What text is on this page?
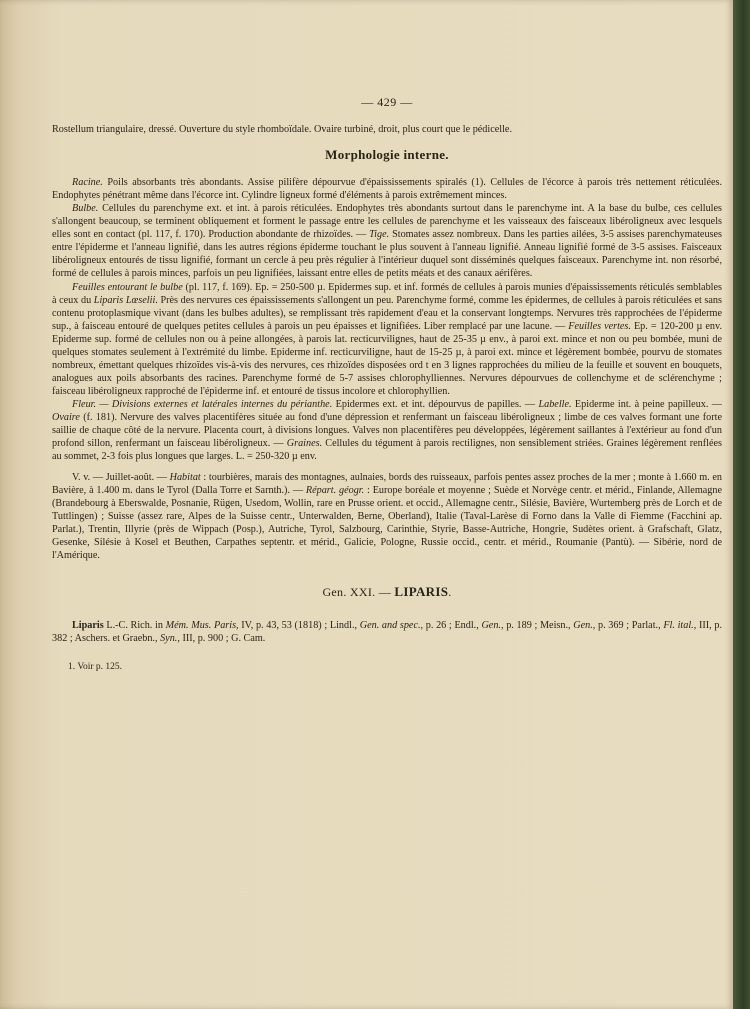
— 429 —

Rostellum triangulaire, dressé. Ouverture du style rhomboïdale. Ovaire turbiné, droit, plus court que le pédicelle.

Morphologie interne.

Racine. Poils absorbants très abondants. Assise pilifère dépourvue d'épaississements spiralés (1). Cellules de l'écorce à parois très nettement réticulées. Endophytes pénétrant même dans l'écorce int. Cylindre ligneux formé d'éléments à parois extrêmement minces.

Bulbe. Cellules du parenchyme ext. et int. à parois réticulées. Endophytes très abondants surtout dans le parenchyme int. A la base du bulbe, ces cellules s'allongent beaucoup, se terminent obliquement et forment le passage entre les cellules de parenchyme et les vaisseaux des faisceaux libéroligneux avec lesquels elles sont en contact (pl. 117, f. 170). Production abondante de rhizoïdes. — Tige. Stomates assez nombreux. Dans les parties ailées, 3-5 assises parenchymateuses entre l'épiderme et l'anneau lignifié, dans les autres régions épiderme touchant le plus souvent à l'anneau lignifié. Anneau lignifié formé de 3-5 assises. Faisceaux libéroligneux entourés de tissu lignifié, formant un cercle à peu près régulier à l'intérieur duquel sont disséminés quelques faisceaux. Parenchyme int. non résorbé, formé de cellules à parois minces, parfois un peu lignifiées, laissant entre elles de petits méats et des canaux aérifères.

Feuilles entourant le bulbe (pl. 117, f. 169). Ep. = 250-500 µ. Epidermes sup. et inf. formés de cellules à parois munies d'épaississements réticulés semblables à ceux du Liparis Lœselii. Près des nervures ces épaississements s'allongent un peu. Parenchyme formé, comme les épidermes, de cellules à parois réticulées et sans contenu protoplasmique vivant (dans les bulbes adultes), se remplissant très rapidement d'eau et la conservant longtemps. Nervures très rapprochées de l'épiderme sup., à faisceau entouré de quelques petites cellules à parois un peu épaisses et lignifiées. Liber remplacé par une lacune. — Feuilles vertes. Ep. = 120-200 µ env. Epiderme sup. formé de cellules non ou à peine allongées, à parois lat. recticurvilignes, haut de 25-35 µ env., à paroi ext. mince et non ou peu bombée, muni de quelques stomates seulement à l'extrémité du limbe. Epiderme inf. recticurviligne, haut de 15-25 µ, à paroi ext. mince et légèrement bombée, pourvu de stomates nombreux, émettant quelques rhizoïdes vis-à-vis des nervures, ces rhizoïdes disposées ord t en 3 lignes rapprochées du milieu de la feuille et souvent en bouquets, analogues aux poils absorbants des racines. Parenchyme formé de 5-7 assises chlorophylliennes. Nervures dépourvues de collenchyme et de sclérenchyme ; faisceau libéroligneux rapproché de l'épiderme inf. et entouré de tissus incolore et chlorophyllien.

Fleur. — Divisions externes et latérales internes du périanthe. Epidermes ext. et int. dépourvus de papilles. — Labelle. Epiderme int. à peine papilleux. — Ovaire (f. 181). Nervure des valves placentifères située au fond d'une dépression et renfermant un faisceau libéroligneux ; limbe de ces valves formant une forte saillie de chaque côté de la nervure. Placenta court, à divisions longues. Valves non placentifères peu développées, légèrement saillantes à l'extérieur au fond d'un profond sillon, renfermant un faisceau libéroligneux. — Graines. Cellules du tégument à parois rectilignes, non sensiblement striées. Graines légèrement renflées au sommet, 2-3 fois plus longues que larges. L. = 250-320 µ env.

V. v. — Juillet-août. — Habitat : tourbières, marais des montagnes, aulnaies, bords des ruisseaux, parfois pentes assez proches de la mer ; monte à 1.660 m. en Bavière, à 1.400 m. dans le Tyrol (Dalla Torre et Sarnth.). — Répart. géogr. : Europe boréale et moyenne ; Suède et Norvège centr. et mérid., Finlande, Allemagne (Brandebourg à Eberswalde, Posnanie, Rügen, Usedom, Wollin, rare en Prusse orient. et occid., Allemagne centr., Silésie, Bavière, Wurtemberg près de Lorch et de Tuttlingen) ; Suisse (assez rare, Alpes de la Suisse centr., Unterwalden, Berne, Oberland), Italie (Taval-Larèse di Forno dans la Valle di Fiemme (Facchini ap. Parlat.), Trentin, Illyrie (près de Wippach (Posp.), Autriche, Tyrol, Salzbourg, Carinthie, Styrie, Basse-Autriche, Hongrie, Sudètes orient. à Grafschaft, Glatz, Gesenke, Silésie à Kosel et Beuthen, Carpathes septentr. et mérid., Galicie, Pologne, Russie occid., centr. et mérid., Roumanie (Pantù). — Sibérie, nord de l'Amérique.

Gen. XXI. — LIPARIS.

Liparis L.-C. Rich. in Mém. Mus. Paris, IV, p. 43, 53 (1818) ; Lindl., Gen. and spec., p. 26 ; Endl., Gen., p. 189 ; Meisn., Gen., p. 369 ; Parlat., Fl. ital., III, p. 382 ; Aschers. et Graebn., Syn., III, p. 900 ; G. Cam.

1. Voir p. 125.
